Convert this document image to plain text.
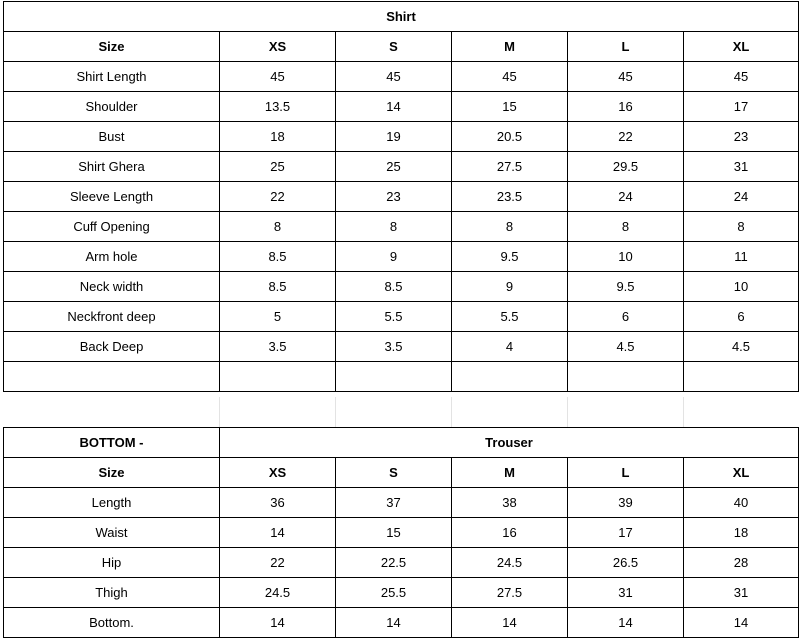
Shirt					
Size	XS	S	M	L	XL
Shirt Length	45	45	45	45	45
Shoulder	13.5	14	15	16	17
Bust	18	19	20.5	22	23
Shirt Ghera	25	25	27.5	29.5	31
Sleeve Length	22	23	23.5	24	24
Cuff Opening	8	8	8	8	8
Arm hole	8.5	9	9.5	10	11
Neck width	8.5	8.5	9	9.5	10
Neckfront deep	5	5.5	5.5	6	6
Back Deep	3.5	3.5	4	4.5	4.5

BOTTOM -	Trouser				
Size	XS	S	M	L	XL
Length	36	37	38	39	40
Waist	14	15	16	17	18
Hip	22	22.5	24.5	26.5	28
Thigh	24.5	25.5	27.5	31	31
Bottom.	14	14	14	14	14
